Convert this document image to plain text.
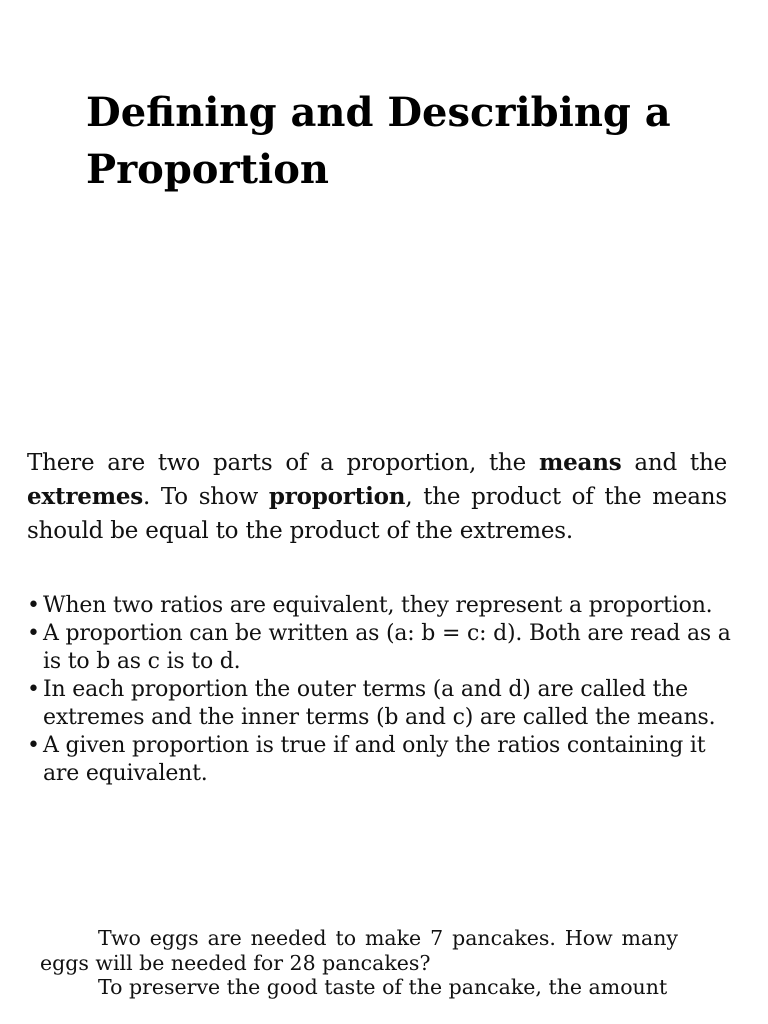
Defining and Describing a
Proportion

There are two parts of a proportion, the means and the extremes. To show proportion, the product of the means should be equal to the product of the extremes.

• When two ratios are equivalent, they represent a proportion.
• A proportion can be written as (a: b = c: d). Both are read as a is to b as c is to d.
• In each proportion the outer terms (a and d) are called the extremes and the inner terms (b and c) are called the means.
• A given proportion is true if and only the ratios containing it are equivalent.

Two eggs are needed to make 7 pancakes. How many eggs will be needed for 28 pancakes?
To preserve the good taste of the pancake, the amount
